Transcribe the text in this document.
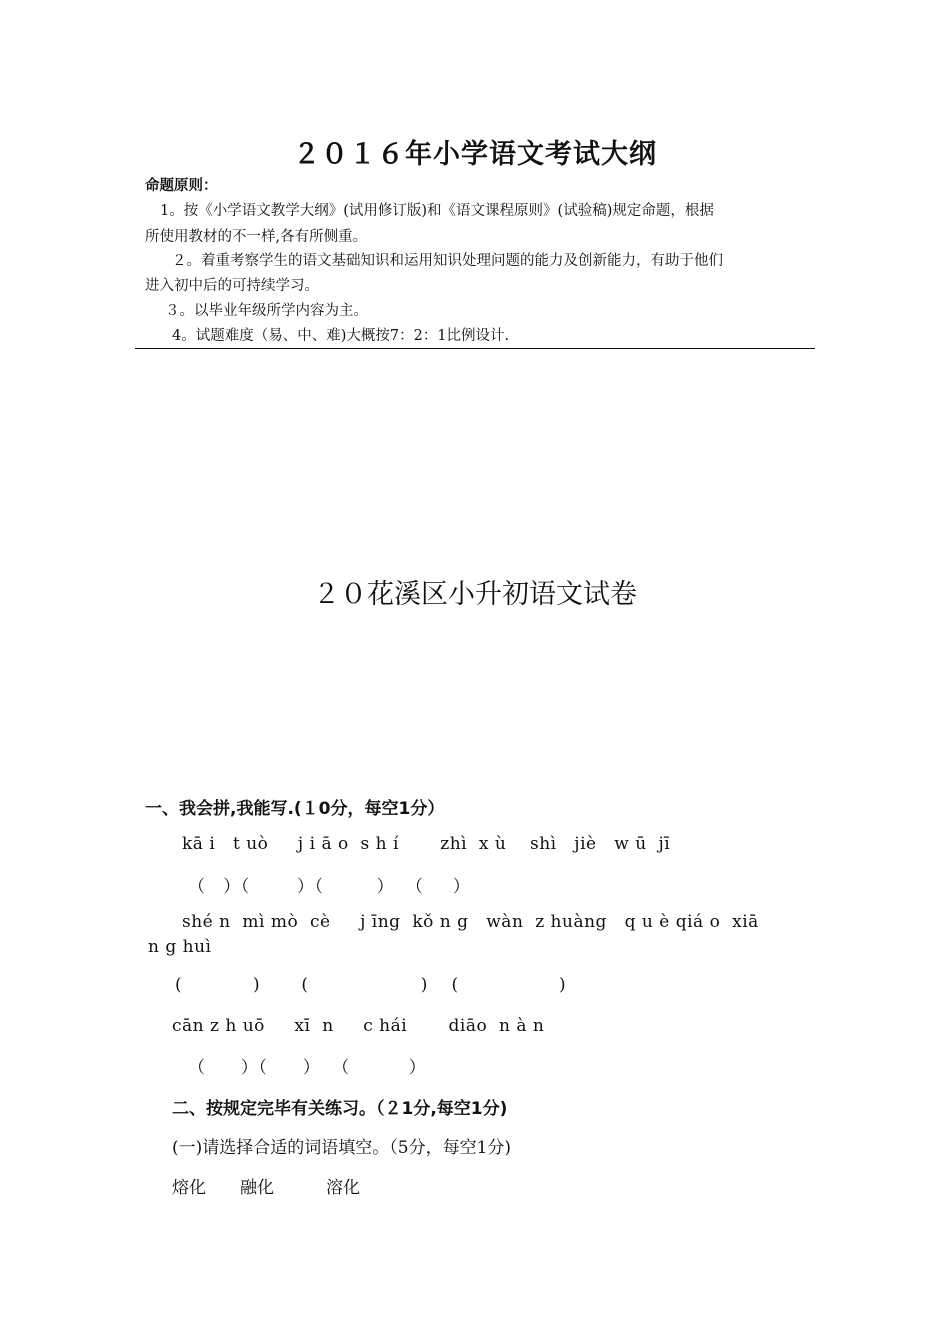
２０１６年小学语文考试大纲
命题原则：
1。按《小学语文教学大纲》(试用修订版)和《语文课程原则》(试验稿)规定命题，根据
所使用教材的不一样,各有所侧重。
２。着重考察学生的语文基础知识和运用知识处理问题的能力及创新能力，有助于他们
进入初中后的可持续学习。
３。以毕业年级所学内容为主。
4。试题难度（易、中、难)大概按7：2：1比例设计.
２０花溪区小升初语文试卷
一、我会拼,我能写.(１0分，每空1分）
kā i   t uò     j i ā o  s h í       zhì  x ù    shì   jiè   w ū  jī
（   ）（        ）（         ）  （     ）
shé n  mì mò  cè     j īng  kǒ n g   wàn  z huàng   q u è qiá o  xiā
n g huì
(            )       (                   )    (                 )
cān z h uō     xī  n     c hái       diāo  n à n
（      ）（      ）  （          ）
二、按规定完毕有关练习。（２1分,每空1分)
(一)请选择合适的词语填空。（5分，每空1分)
熔化 融化	溶化
